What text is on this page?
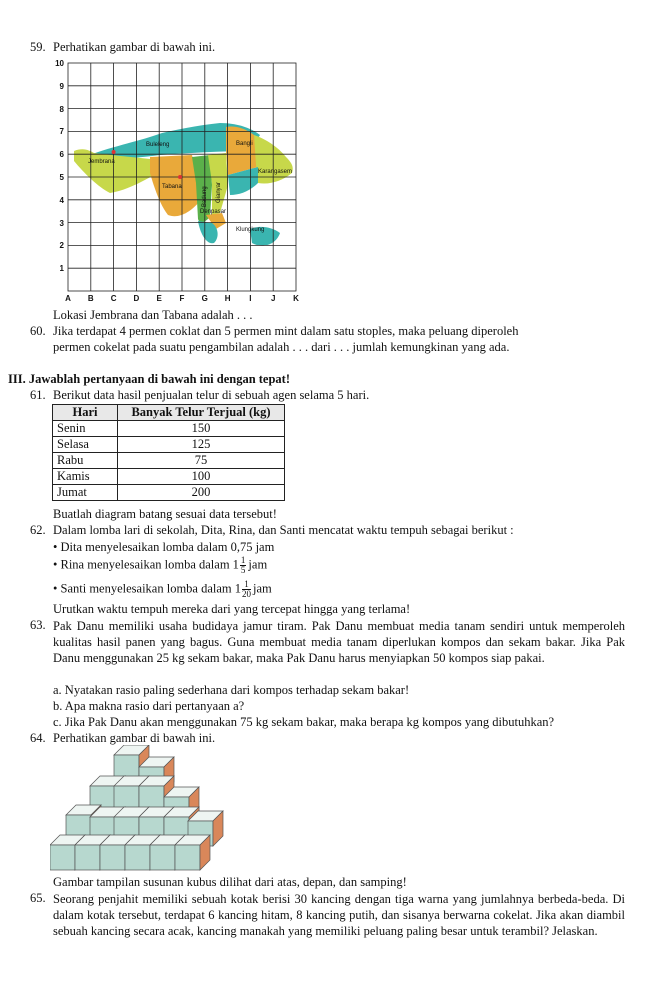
59. Perhatikan gambar di bawah ini.
10
9
8
7
6
5
4
3
2
1
A B C D E F G H I J K
Buleleng	Bangli
Jembrana
Karangasem
Tabana	Badung Gianyar
Denpasar
Klungkung
Lokasi Jembrana dan Tabana adalah . . .
60. Jika terdapat 4 permen coklat dan 5 permen mint dalam satu stoples, maka peluang diperoleh
permen cokelat pada suatu pengambilan adalah . . . dari . . . jumlah kemungkinan yang ada.
III. Jawablah pertanyaan di bawah ini dengan tepat!
61. Berikut data hasil penjualan telur di sebuah agen selama 5 hari.
Hari	Banyak Telur Terjual (kg)
Senin	150
Selasa	125
Rabu	75
Kamis	100
Jumat	200
Buatlah diagram batang sesuai data tersebut!
62. Dalam lomba lari di sekolah, Dita, Rina, dan Santi mencatat waktu tempuh sebagai berikut :
• Dita menyelesaikan lomba dalam 0,75 jam
• Rina menyelesaikan lomba dalam $1 \frac{1}{5}$ jam
• Santi menyelesaikan lomba dalam $1 \frac{1}{20}$ jam
Urutkan waktu tempuh mereka dari yang tercepat hingga yang terlama!
63. Pak Danu memiliki usaha budidaya jamur tiram. Pak Danu membuat media tanam sendiri untuk memperoleh kualitas hasil panen yang bagus. Guna membuat media tanam diperlukan kompos dan sekam bakar. Jika Pak Danu menggunakan 25 kg sekam bakar, maka Pak Danu harus menyiapkan 50 kompos siap pakai.
a. Nyatakan rasio paling sederhana dari kompos terhadap sekam bakar!
b. Apa makna rasio dari pertanyaan a?
c. Jika Pak Danu akan menggunakan 75 kg sekam bakar, maka berapa kg kompos yang dibutuhkan?
64. Perhatikan gambar di bawah ini.
Gambar tampilan susunan kubus dilihat dari atas, depan, dan samping!
65. Seorang penjahit memiliki sebuah kotak berisi 30 kancing dengan tiga warna yang jumlahnya berbeda-beda. Di dalam kotak tersebut, terdapat 6 kancing hitam, 8 kancing putih, dan sisanya berwarna cokelat. Jika akan diambil sebuah kancing secara acak, kancing manakah yang memiliki peluang paling besar untuk terambil? Jelaskan.
